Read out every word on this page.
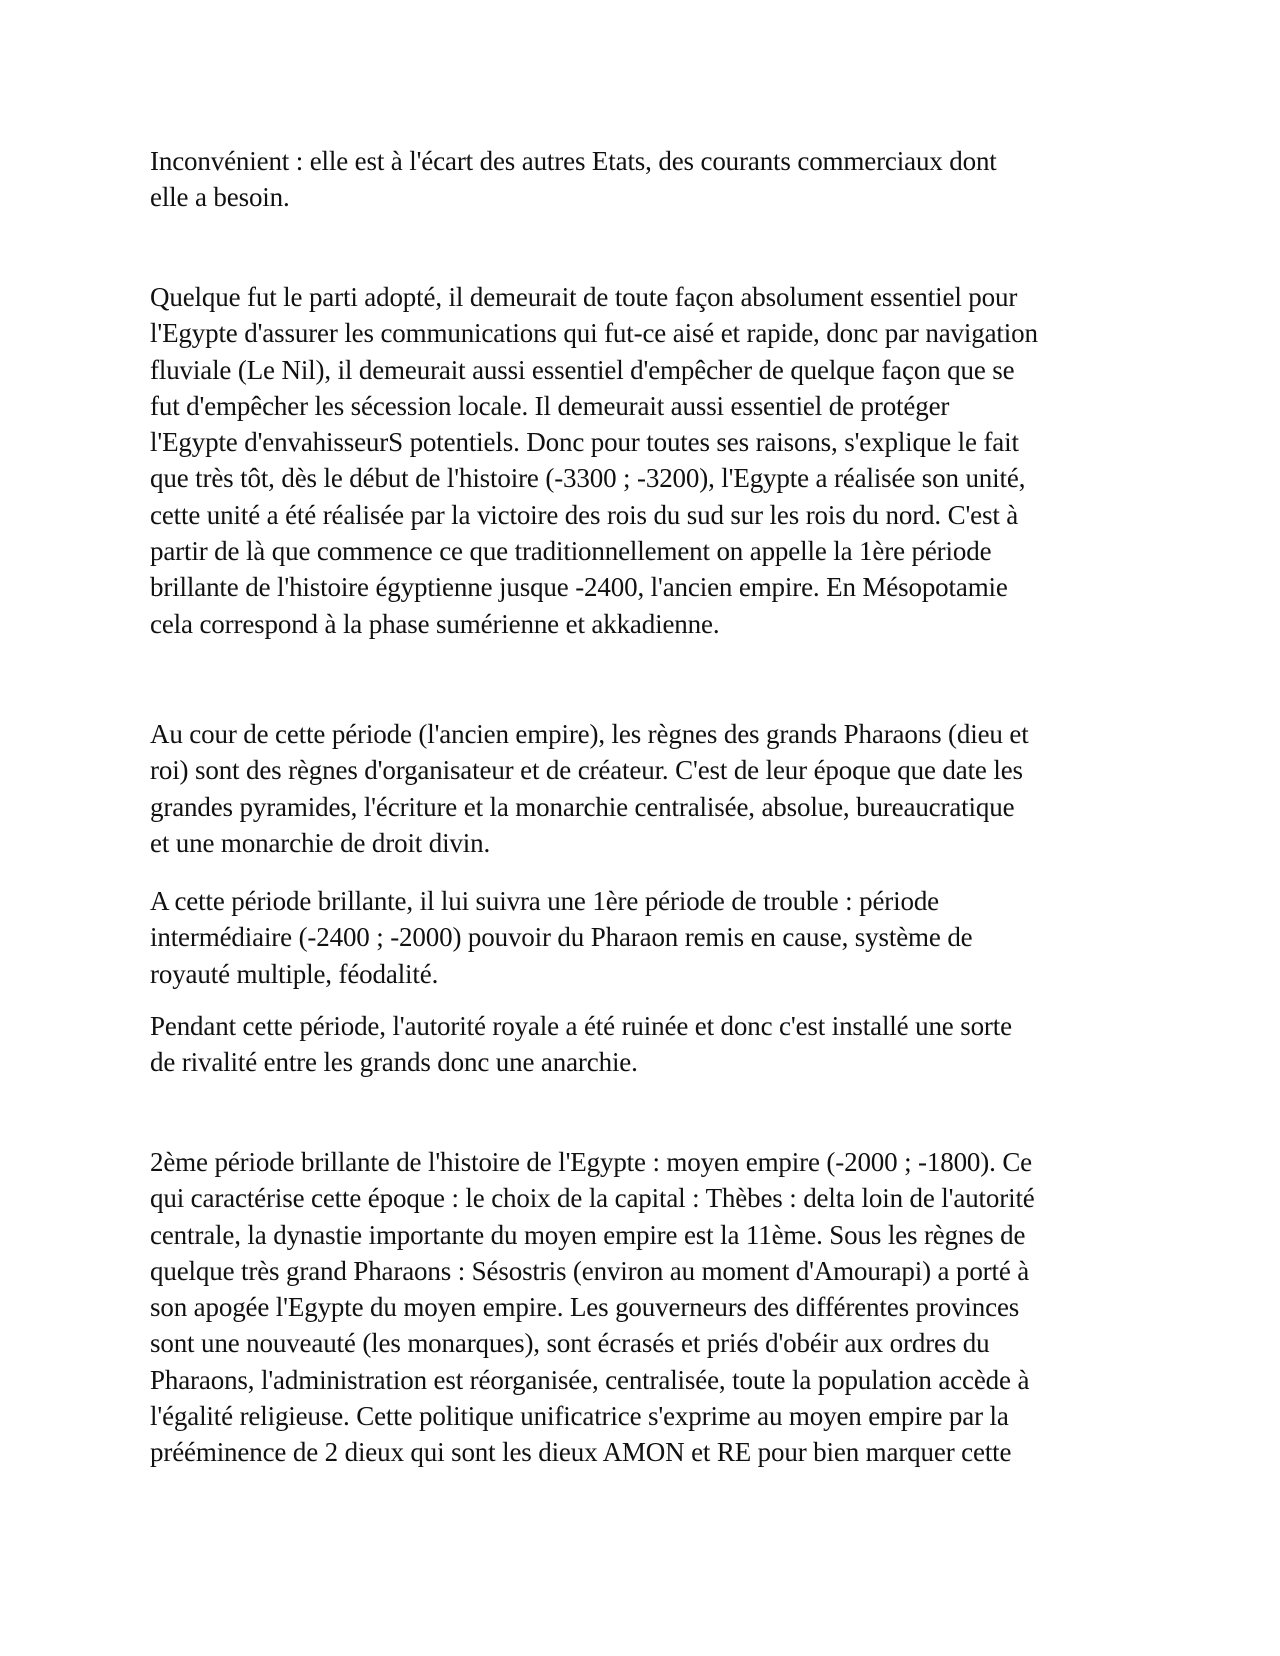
Inconvénient : elle est à l'écart des autres Etats, des courants commerciaux dont
elle a besoin.

Quelque fut le parti adopté, il demeurait de toute façon absolument essentiel pour
l'Egypte d'assurer les communications qui fut-ce aisé et rapide, donc par navigation
fluviale (Le Nil), il demeurait aussi essentiel d'empêcher de quelque façon que se
fut d'empêcher les sécession locale. Il demeurait aussi essentiel de protéger
l'Egypte d'envahisseurS potentiels. Donc pour toutes ses raisons, s'explique le fait
que très tôt, dès le début de l'histoire (-3300 ; -3200), l'Egypte a réalisée son unité,
cette unité a été réalisée par la victoire des rois du sud sur les rois du nord. C'est à
partir de là que commence ce que traditionnellement on appelle la 1ère période
brillante de l'histoire égyptienne jusque -2400, l'ancien empire. En Mésopotamie
cela correspond à la phase sumérienne et akkadienne.

Au cour de cette période (l'ancien empire), les règnes des grands Pharaons (dieu et
roi) sont des règnes d'organisateur et de créateur. C'est de leur époque que date les
grandes pyramides, l'écriture et la monarchie centralisée, absolue, bureaucratique
et une monarchie de droit divin.

A cette période brillante, il lui suivra une 1ère période de trouble : période
intermédiaire (-2400 ; -2000) pouvoir du Pharaon remis en cause, système de
royauté multiple, féodalité.

Pendant cette période, l'autorité royale a été ruinée et donc c'est installé une sorte
de rivalité entre les grands donc une anarchie.

2ème période brillante de l'histoire de l'Egypte : moyen empire (-2000 ; -1800). Ce
qui caractérise cette époque : le choix de la capital : Thèbes : delta loin de l'autorité
centrale, la dynastie importante du moyen empire est la 11ème. Sous les règnes de
quelque très grand Pharaons : Sésostris (environ au moment d'Amourapi) a porté à
son apogée l'Egypte du moyen empire. Les gouverneurs des différentes provinces
sont une nouveauté (les monarques), sont écrasés et priés d'obéir aux ordres du
Pharaons, l'administration est réorganisée, centralisée, toute la population accède à
l'égalité religieuse. Cette politique unificatrice s'exprime au moyen empire par la
prééminence de 2 dieux qui sont les dieux AMON et RE pour bien marquer cette
